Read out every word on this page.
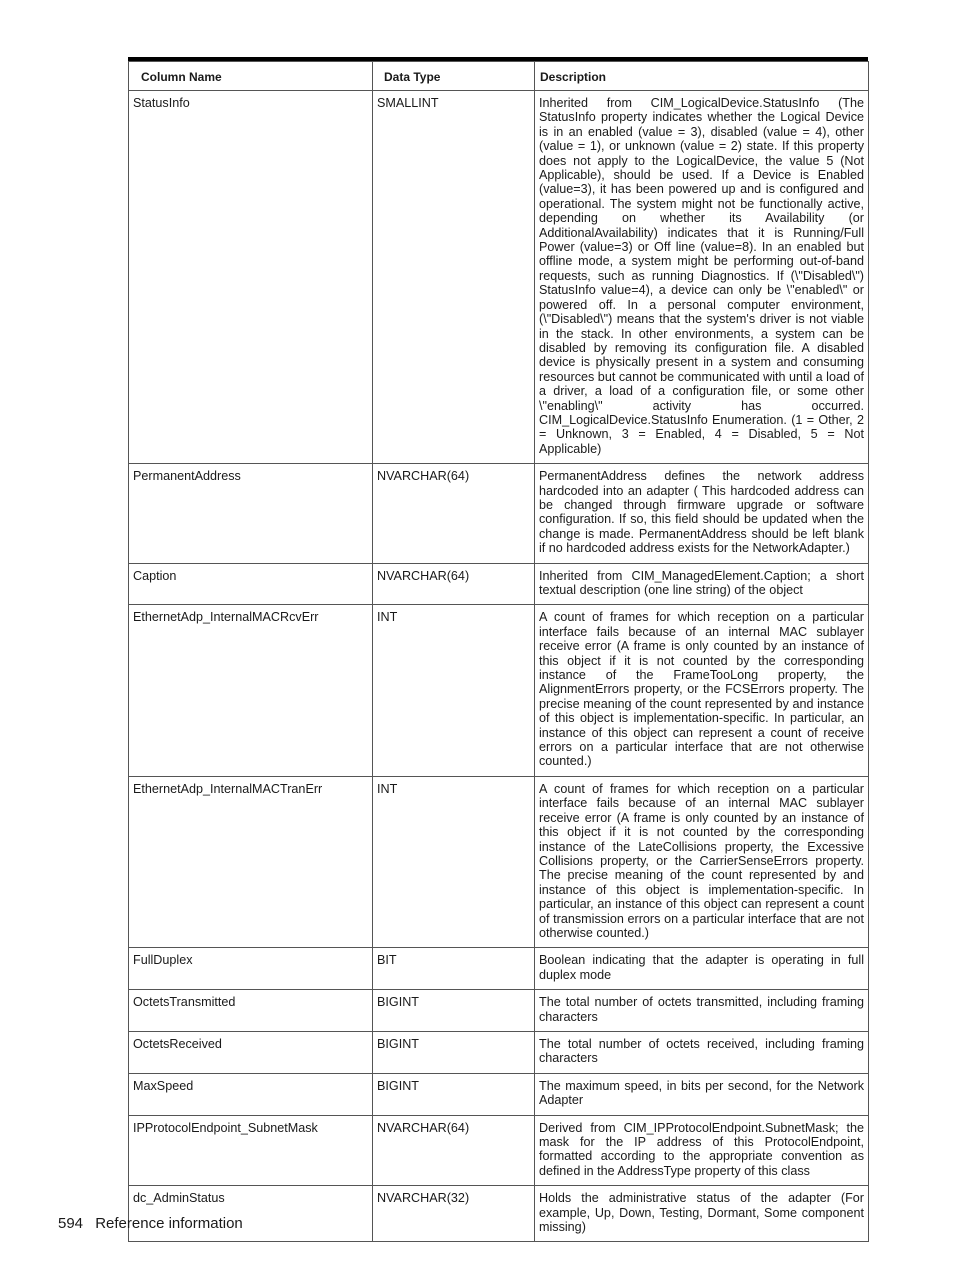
Column Name	Data Type	Description
StatusInfo	SMALLINT	Inherited from CIM_LogicalDevice.StatusInfo (The StatusInfo property indicates whether the Logical Device is in an enabled (value = 3), disabled (value = 4), other (value = 1), or unknown (value = 2) state. If this property does not apply to the LogicalDevice, the value 5 (Not Applicable), should be used. If a Device is Enabled (value=3), it has been powered up and is configured and operational. The system might not be functionally active, depending on whether its Availability (or AdditionalAvailability) indicates that it is Running/Full Power (value=3) or Off line (value=8). In an enabled but offline mode, a system might be performing out-of-band requests, such as running Diagnostics. If (\"Disabled\") StatusInfo value=4), a device can only be \"enabled\" or powered off. In a personal computer environment, (\"Disabled\") means that the system's driver is not viable in the stack. In other environments, a system can be disabled by removing its configuration file. A disabled device is physically present in a system and consuming resources but cannot be communicated with until a load of a driver, a load of a configuration file, or some other \"enabling\" activity has occurred. CIM_LogicalDevice.StatusInfo Enumeration. (1 = Other, 2 = Unknown, 3 = Enabled, 4 = Disabled, 5 = Not Applicable)
PermanentAddress	NVARCHAR(64)	PermanentAddress defines the network address hardcoded into an adapter ( This hardcoded address can be changed through firmware upgrade or software configuration. If so, this field should be updated when the change is made. PermanentAddress should be left blank if no hardcoded address exists for the NetworkAdapter.)
Caption	NVARCHAR(64)	Inherited from CIM_ManagedElement.Caption; a short textual description (one line string) of the object
EthernetAdp_InternalMACRcvErr	INT	A count of frames for which reception on a particular interface fails because of an internal MAC sublayer receive error (A frame is only counted by an instance of this object if it is not counted by the corresponding instance of the FrameTooLong property, the AlignmentErrors property, or the FCSErrors property. The precise meaning of the count represented by and instance of this object is implementation-specific. In particular, an instance of this object can represent a count of receive errors on a particular interface that are not otherwise counted.)
EthernetAdp_InternalMACTranErr	INT	A count of frames for which reception on a particular interface fails because of an internal MAC sublayer receive error (A frame is only counted by an instance of this object if it is not counted by the corresponding instance of the LateCollisions property, the Excessive Collisions property, or the CarrierSenseErrors property. The precise meaning of the count represented by and instance of this object is implementation-specific. In particular, an instance of this object can represent a count of transmission errors on a particular interface that are not otherwise counted.)
FullDuplex	BIT	Boolean indicating that the adapter is operating in full duplex mode
OctetsTransmitted	BIGINT	The total number of octets transmitted, including framing characters
OctetsReceived	BIGINT	The total number of octets received, including framing characters
MaxSpeed	BIGINT	The maximum speed, in bits per second, for the Network Adapter
IPProtocolEndpoint_SubnetMask	NVARCHAR(64)	Derived from CIM_IPProtocolEndpoint.SubnetMask; the mask for the IP address of this ProtocolEndpoint, formatted according to the appropriate convention as defined in the AddressType property of this class
dc_AdminStatus	NVARCHAR(32)	Holds the administrative status of the adapter (For example, Up, Down, Testing, Dormant, Some component missing)
594 Reference information
